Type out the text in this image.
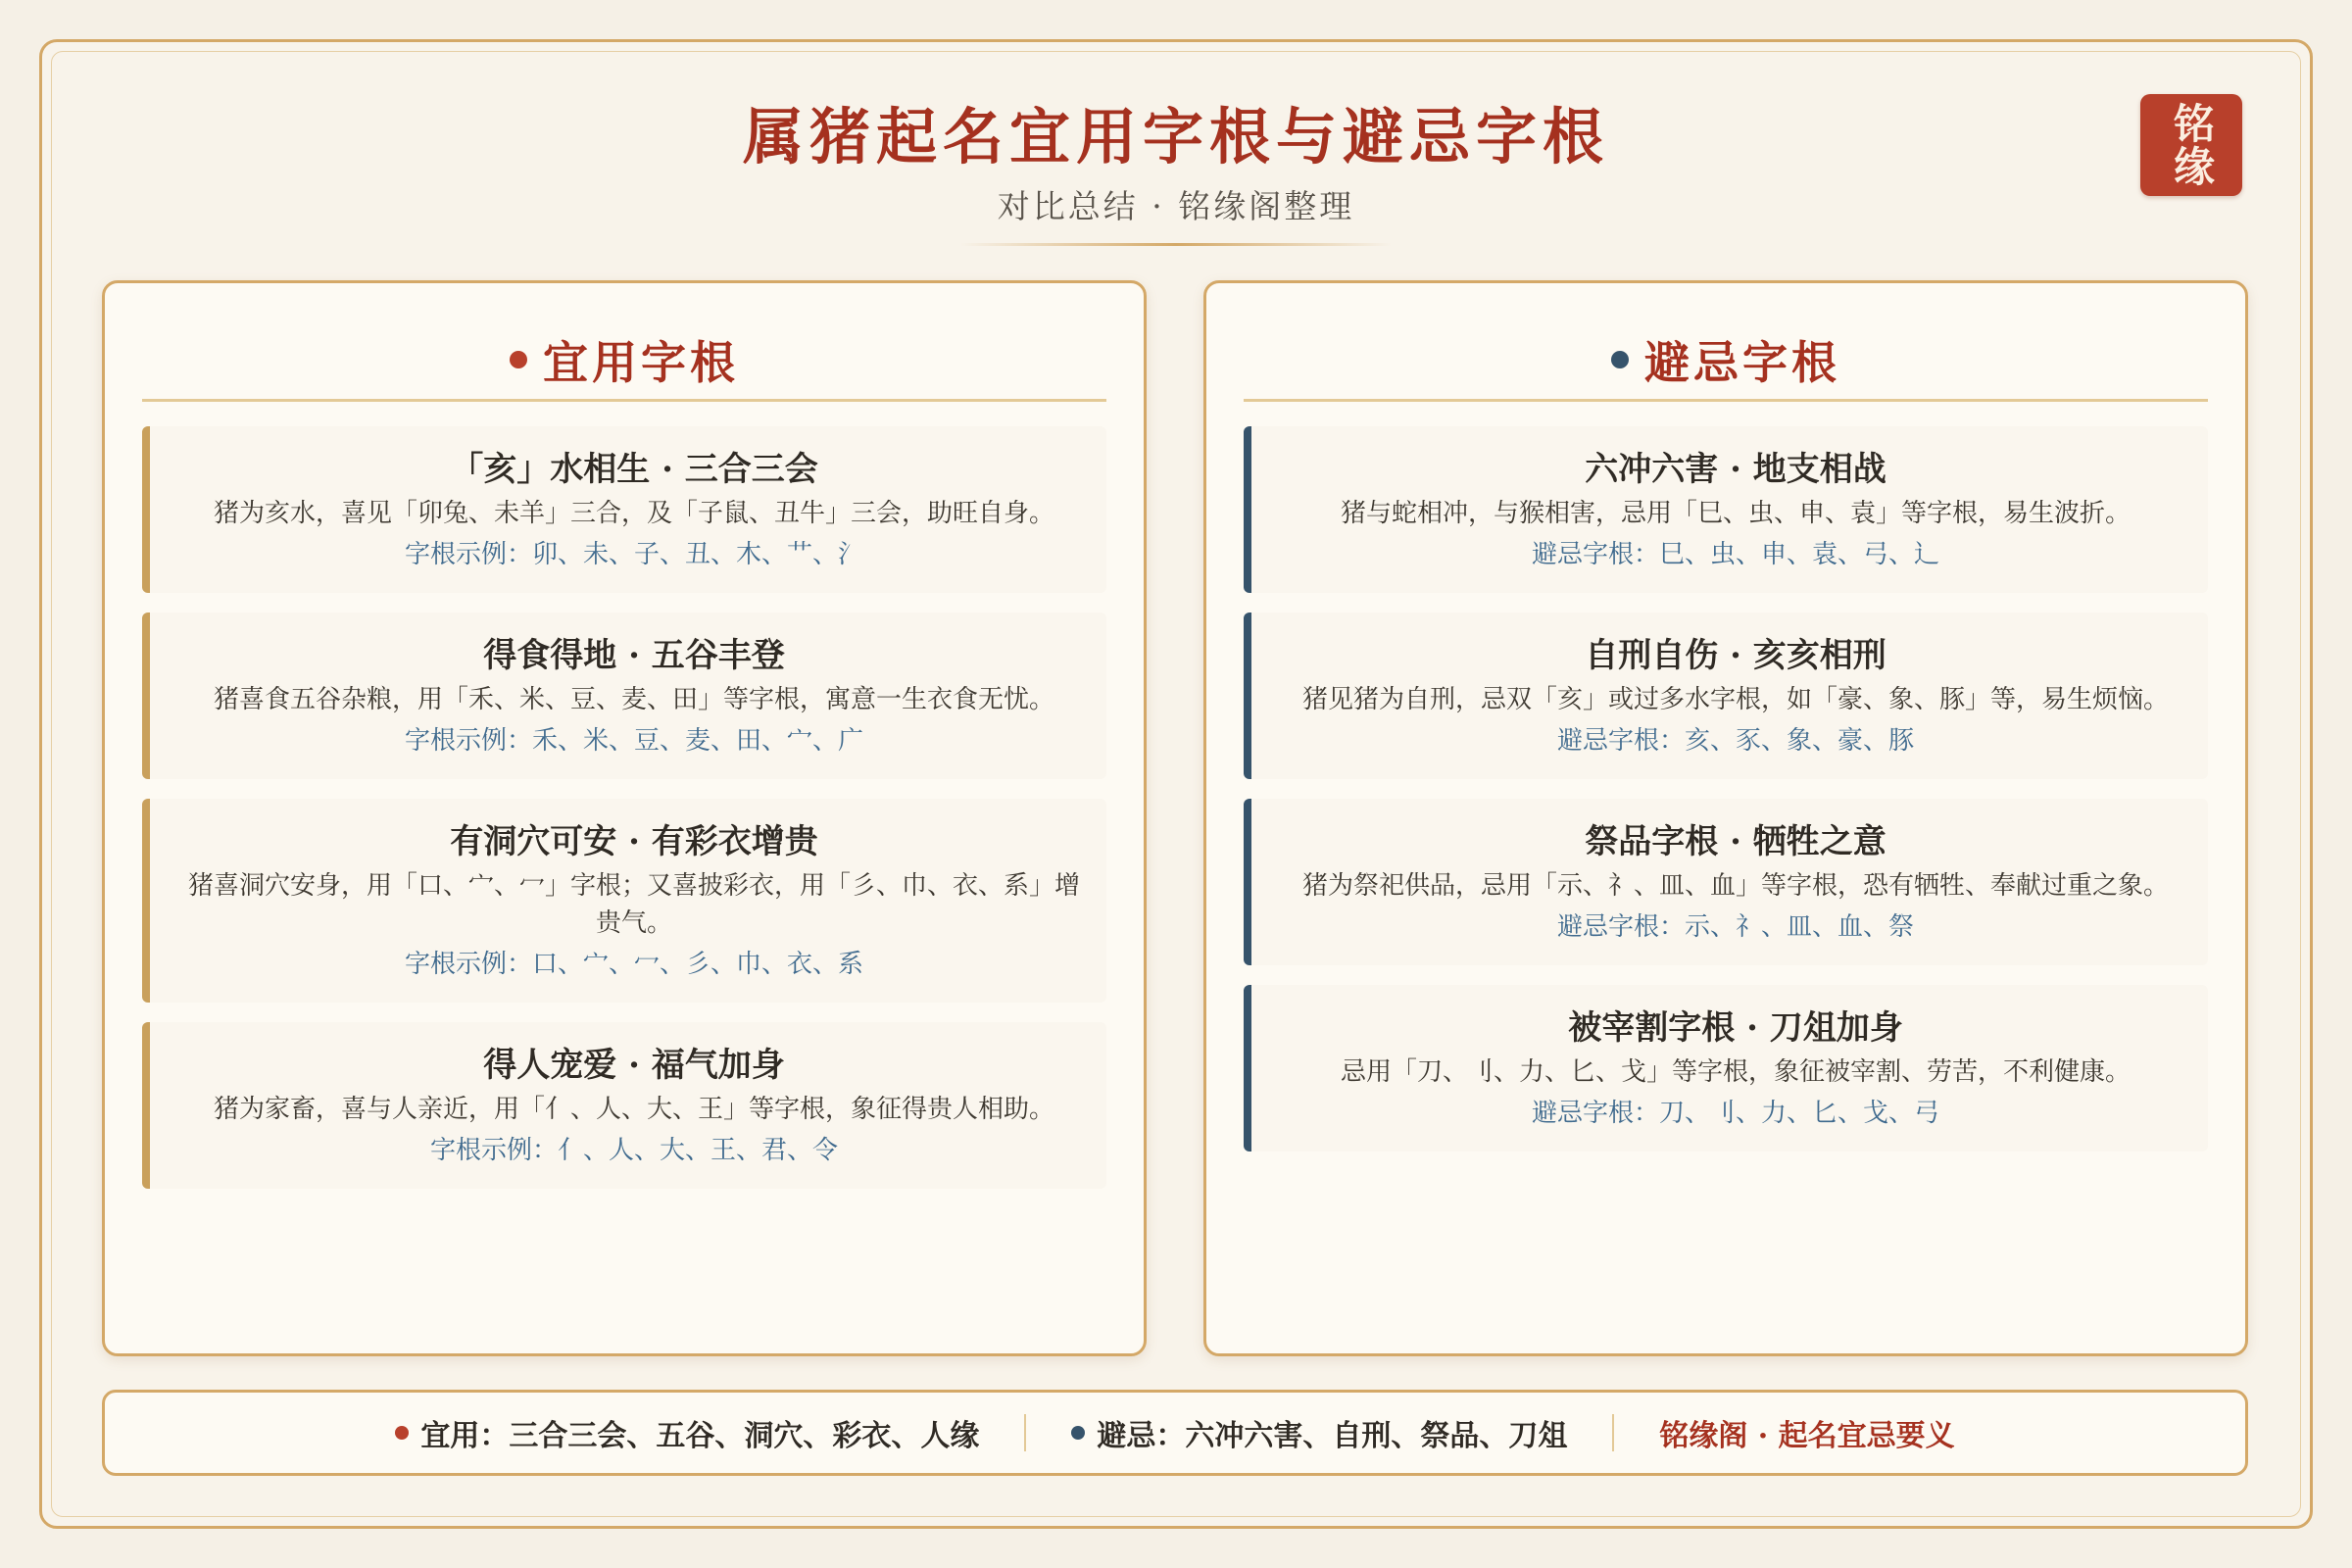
属猪起名宜用字根与避忌字根
对比总结 · 铭缘阁整理
铭缘
宜用字根
「亥」水相生 · 三合三会
猪为亥水，喜见「卯兔、未羊」三合，及「子鼠、丑牛」三会，助旺自身。
字根示例：卯、未、子、丑、木、艹、氵
得食得地 · 五谷丰登
猪喜食五谷杂粮，用「禾、米、豆、麦、田」等字根，寓意一生衣食无忧。
字根示例：禾、米、豆、麦、田、宀、广
有洞穴可安 · 有彩衣增贵
猪喜洞穴安身，用「口、宀、冖」字根；又喜披彩衣，用「彡、巾、衣、系」增贵气。
字根示例：口、宀、冖、彡、巾、衣、系
得人宠爱 · 福气加身
猪为家畜，喜与人亲近，用「亻、人、大、王」等字根，象征得贵人相助。
字根示例：亻、人、大、王、君、令
避忌字根
六冲六害 · 地支相战
猪与蛇相冲，与猴相害，忌用「巳、虫、申、袁」等字根，易生波折。
避忌字根：巳、虫、申、袁、弓、辶
自刑自伤 · 亥亥相刑
猪见猪为自刑，忌双「亥」或过多水字根，如「豪、象、豚」等，易生烦恼。
避忌字根：亥、豕、象、豪、豚
祭品字根 · 牺牲之意
猪为祭祀供品，忌用「示、礻、皿、血」等字根，恐有牺牲、奉献过重之象。
避忌字根：示、礻、皿、血、祭
被宰割字根 · 刀俎加身
忌用「刀、刂、力、匕、戈」等字根，象征被宰割、劳苦，不利健康。
避忌字根：刀、刂、力、匕、戈、弓
宜用：三合三会、五谷、洞穴、彩衣、人缘	避忌：六冲六害、自刑、祭品、刀俎	铭缘阁 · 起名宜忌要义
